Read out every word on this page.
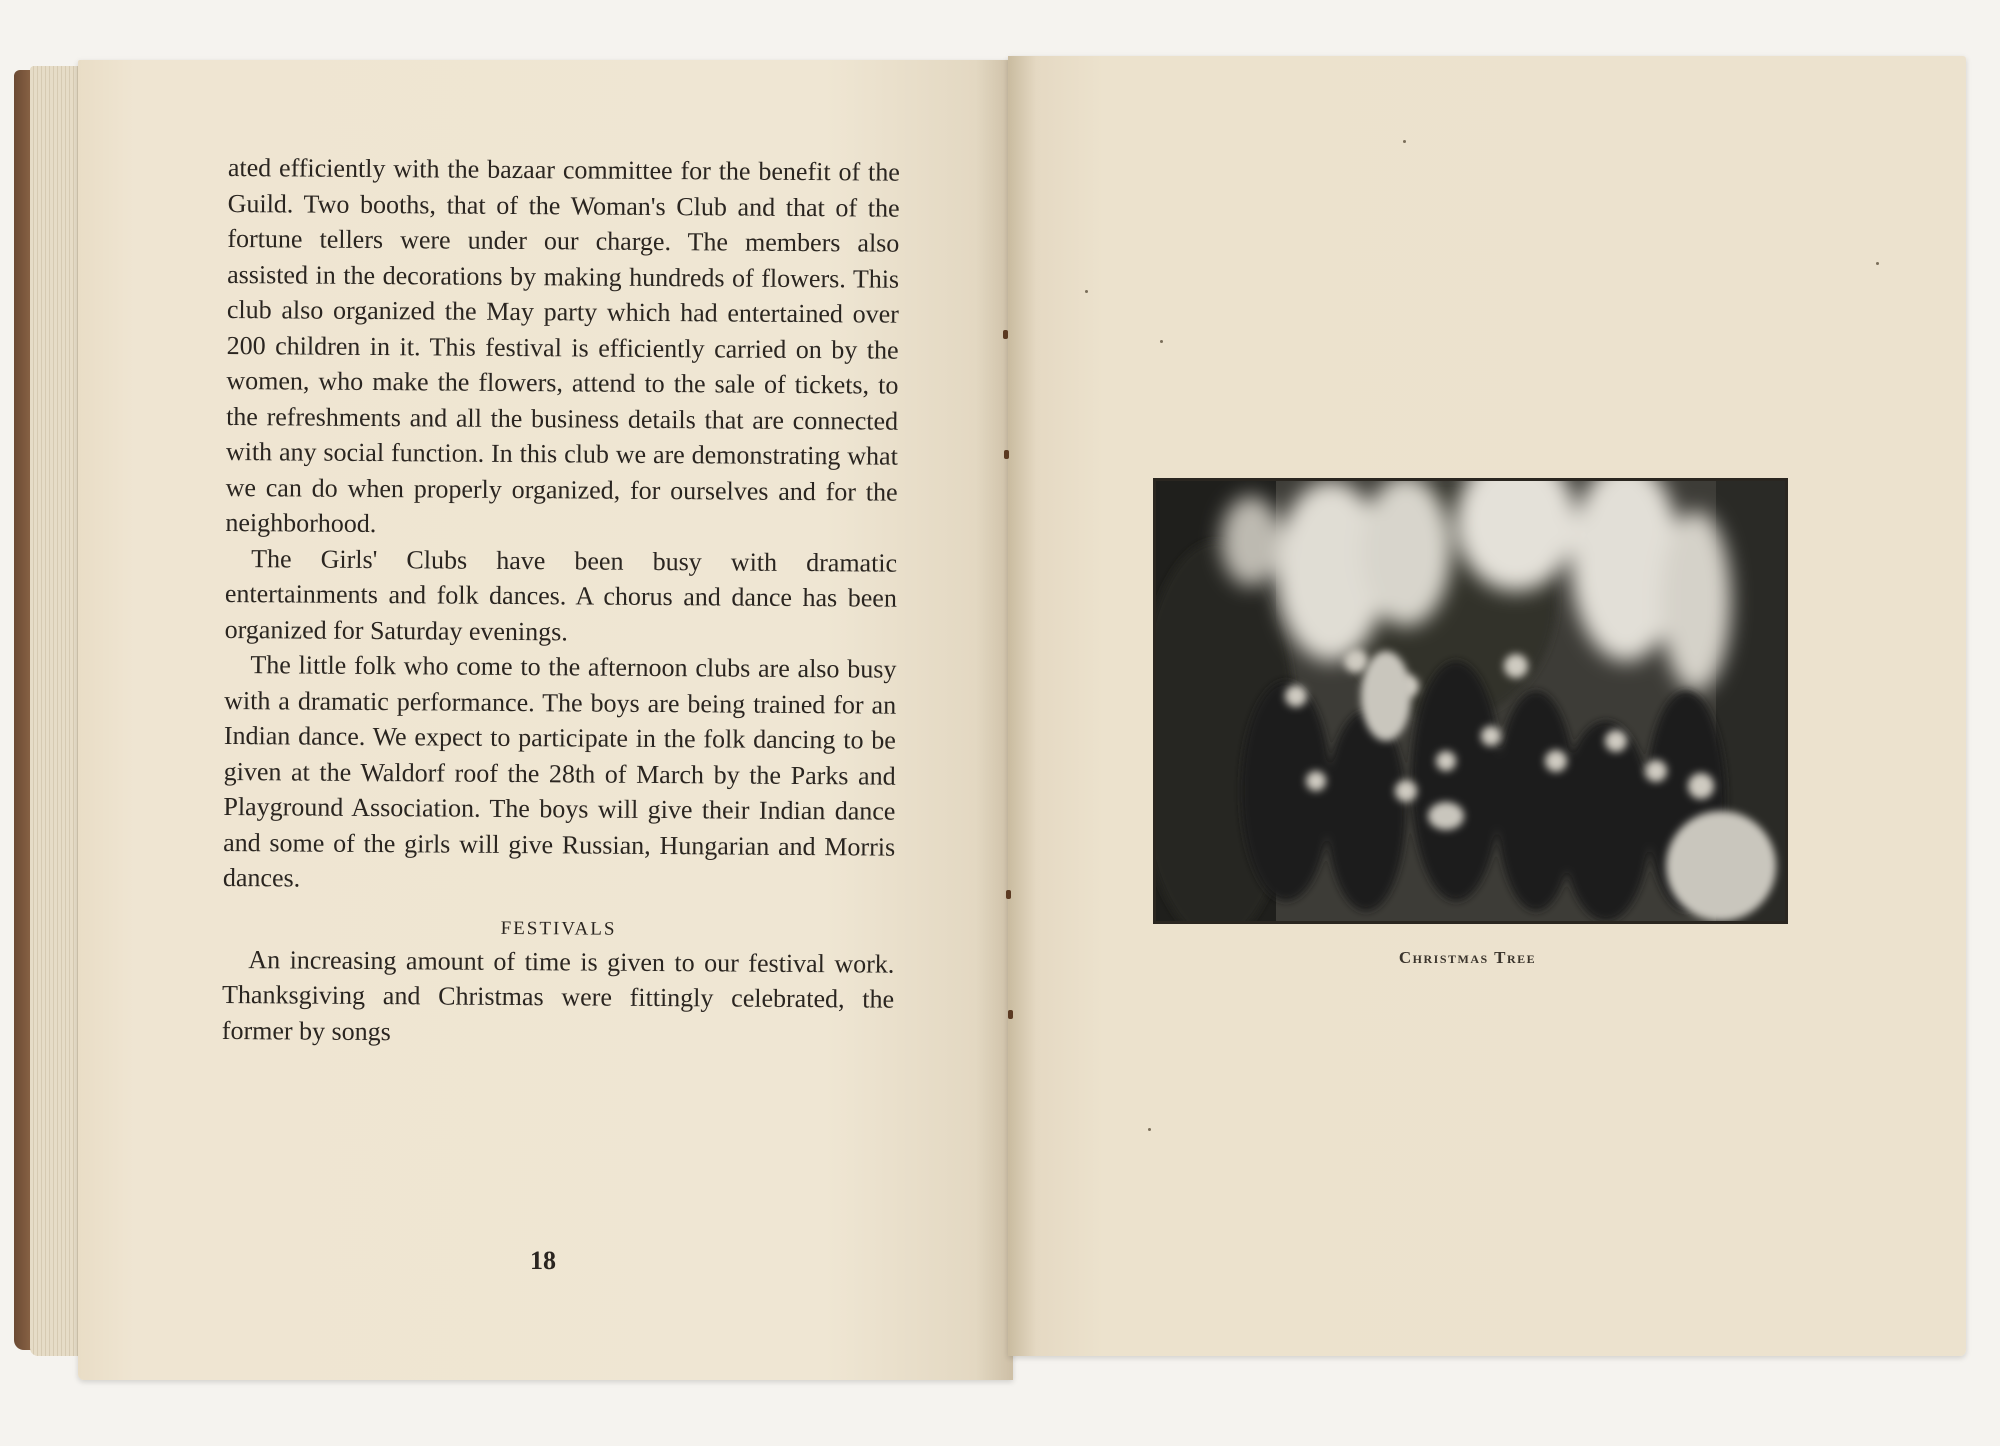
ated efficiently with the bazaar committee for the benefit of the Guild. Two booths, that of the Woman's Club and that of the fortune tellers were under our charge. The members also assisted in the decorations by making hundreds of flowers. This club also organized the May party which had entertained over 200 children in it. This festival is efficiently carried on by the women, who make the flowers, attend to the sale of tickets, to the refreshments and all the business details that are connected with any social function. In this club we are demonstrating what we can do when properly organized, for ourselves and for the neighborhood.

The Girls' Clubs have been busy with dramatic entertainments and folk dances. A chorus and dance has been organized for Saturday evenings.

The little folk who come to the afternoon clubs are also busy with a dramatic performance. The boys are being trained for an Indian dance. We expect to participate in the folk dancing to be given at the Waldorf roof the 28th of March by the Parks and Playground Association. The boys will give their Indian dance and some of the girls will give Russian, Hungarian and Morris dances.

FESTIVALS

An increasing amount of time is given to our festival work. Thanksgiving and Christmas were fittingly celebrated, the former by songs

18
Christmas Tree
